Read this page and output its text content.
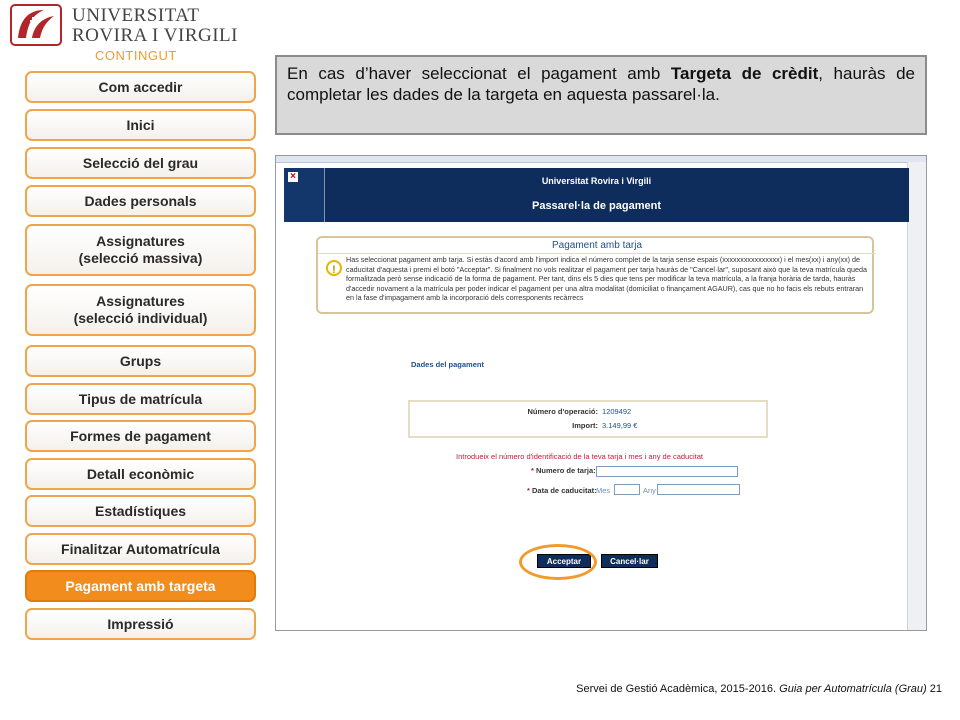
UNIVERSITAT
ROVIRA I VIRGILI
CONTINGUT
Com accedir
Inici
Selecció del grau
Dades personals
Assignatures
(selecció massiva)
Assignatures
(selecció individual)
Grups
Tipus de matrícula
Formes de pagament
Detall econòmic
Estadístiques
Finalitzar Automatrícula
Pagament amb targeta
Impressió
En cas d’haver seleccionat el pagament amb Targeta de crèdit, hauràs de completar les dades de la targeta en aquesta passarel·la.
×	Universitat Rovira i Virgili
Passarel·la de pagament
Pagament amb tarja
!
Has seleccionat pagament amb tarja. Si estàs d'acord amb l'import indica el número complet de la tarja sense espais (xxxxxxxxxxxxxxxx) i el mes(xx) i any(xx) de caducitat d'aquesta i premi el botó "Acceptar". Si finalment no vols realitzar el pagament per tarja hauràs de "Cancel·lar", suposant això que la teva matrícula queda formalitzada però sense indicació de la forma de pagament. Per tant, dins els 5 dies que tens per modificar la teva matrícula, a la franja horària de tarda, hauràs d'accedir novament a la matrícula per poder indicar el pagament per una altra modalitat (domiciliat o finançament AGAUR), cas que no ho facis els rebuts entraran en la fase d'impagament amb la incorporació dels corresponents recàrrecs
Dades del pagament
Número d'operació: 1209492
Import: 3.149,99 €
Introdueix el número d'identificació de la teva tarja i mes i any de caducitat
* Numero de tarja:
* Data de caducitat: Mes	Any
Acceptar	Cancel·lar
Servei de Gestió Acadèmica, 2015-2016. Guia per Automatrícula (Grau) 21
